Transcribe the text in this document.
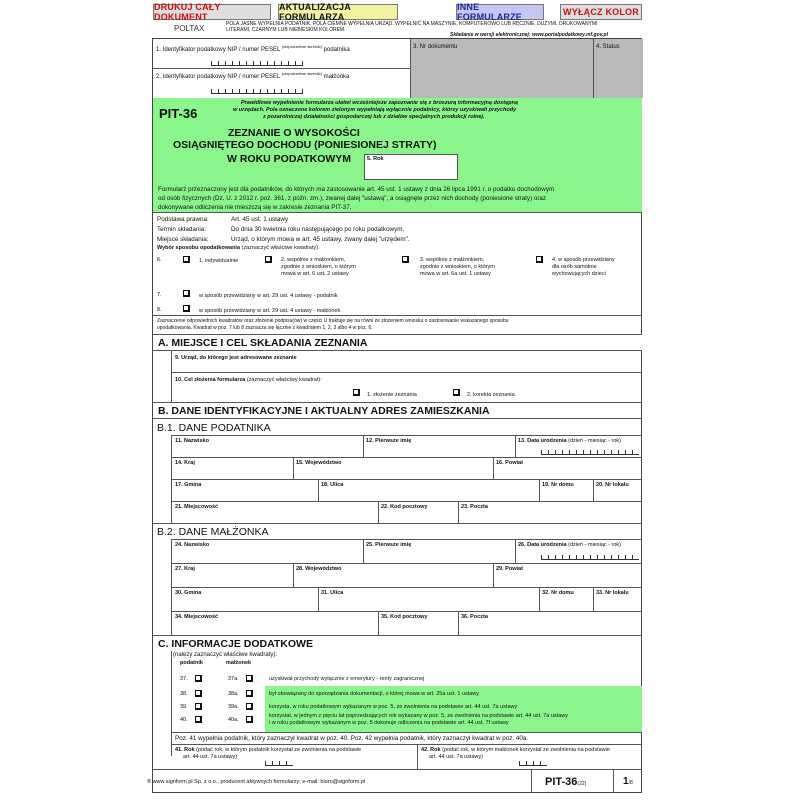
DRUKUJ CAŁY DOKUMENT
AKTUALIZACJA FORMULARZA
INNE FORMULARZE	WYŁĄCZ KOLOR
POLTAX	POLA JASNE WYPEŁNIA PODATNIK. POLA CIEMNE WYPEŁNIA URZĄD. WYPEŁNIĆ NA MASZYNIE, KOMPUTEROWO LUB RĘCZNIE, DUŻYMI, DRUKOWANYMI
LITERAMI, CZARNYM LUB NIEBIESKIM KOLOREM.
Składanie w wersji elektronicznej: www.portalpodatkowy.mf.gov.pl
1. Identyfikator podatkowy NIP / numer PESEL $^{(niepotrzebne skreślić)}$ podatnika
2. Identyfikator podatkowy NIP / numer PESEL $^{(niepotrzebne skreślić)}$ małżonka
3. Nr dokumentu	4. Status
PIT-36
Prawidłowe wypełnienie formularza ułatwi wcześniejsze zapoznanie się z broszurą informacyjną dostępną
w urzędach. Pola oznaczone kolorem zielonym wypełniają wyłącznie podatnicy, którzy uzyskiwali przychody
z pozarolniczej działalności gospodarczej lub z działów specjalnych produkcji rolnej.
ZEZNANIE O WYSOKOŚCI
OSIĄGNIĘTEGO DOCHODU (PONIESIONEJ STRATY)
W ROKU PODATKOWYM	5. Rok
Formularz przeznaczony jest dla podatników, do których ma zastosowanie art. 45 ust. 1 ustawy z dnia 26 lipca 1991 r. o podatku dochodowym
od osób fizycznych (Dz. U. z 2012 r. poz. 361, z późn. zm.), zwanej dalej "ustawą", a osiągnęte przez nich dochody (poniesione straty) oraz
dokonywane odliczenia nie mieszczą się w zakresie zeznania PIT-37.
Podstawa prawna:	Art. 45 ust. 1 ustawy
Termin składania:	Do dnia 30 kwietnia roku następującego po roku podatkowym.
Miejsce składania:	Urząd, o którym mowa w art. 45 ustawy, zwany dalej "urzędem".
Wybór sposobu opodatkowania (zaznaczyć właściwe kwadraty):
6.	1. indywidualnie	2. wspólnie z małżonkiem,
zgodnie z wnioskiem, o którym
mowa w art. 6 ust. 2 ustawy
3. wspólnie z małżonkiem,
zgodnie z wnioskiem, o którym
mowa w art. 6a ust. 1 ustawy
4. w sposób przewidziany
dla osób samotnie
wychowujących dzieci
7.	w sposób przewidziany w art. 29 ust. 4 ustawy - podatnik
8.	w sposób przewidziany w art. 29 ust. 4 ustawy - małżonek
Zaznaczenie odpowiednich kwadratów oraz złożenie podpisu(ów) w części U traktuje się na równi ze złożeniem wniosku o zastosowanie wskazanego sposobu
opodatkowania. Kwadrat w poz. 7 lub 8 zaznacza się łącznie z kwadratem 1, 2, 3 albo 4 w poz. 6.
A. MIEJSCE I CEL SKŁADANIA ZEZNANIA
9. Urząd, do którego jest adresowane zeznanie
10. Cel złożenia formularza (zaznaczyć właściwy kwadrat):
1. złożenie zeznania	2. korekta zeznania
B. DANE IDENTYFIKACYJNE I AKTUALNY ADRES ZAMIESZKANIA
B.1. DANE PODATNIKA
11. Nazwisko	12. Pierwsze imię	13. Data urodzenia (dzień - miesiąc - rok)
14. Kraj	15. Województwo	16. Powiat
17. Gmina	18. Ulica	19. Nr domu	20. Nr lokalu
21. Miejscowość	22. Kod pocztowy	23. Poczta
B.2. DANE MAŁŻONKA
24. Nazwisko	25. Pierwsze imię	26. Data urodzenia (dzień - miesiąc - rok)
27. Kraj	28. Województwo	29. Powiat
30. Gmina	31. Ulica	32. Nr domu	33. Nr lokalu
34. Miejscowość	35. Kod pocztowy	36. Poczta
C. INFORMACJE DODATKOWE
(należy zaznaczyć właściwe kwadraty):
podatnik	małżonek
37.	37a.	uzyskiwał przychody wyłącznie z emerytury - renty zagranicznej
38.	38a.	był obowiązany do sporządzania dokumentacji, o której mowa w art. 25a ust. 1 ustawy
39.	39a.	korzysta, w roku podatkowym wykazanym w poz. 5, ze zwolnienia na podstawie art. 44 ust. 7a ustawy
40.	40a.
korzystał, w jednym z pięciu lat poprzedzających rok wykazany w poz. 5, ze zwolnienia na podstawie art. 44 ust. 7a ustawy
i w roku podatkowym wykazanym w poz. 5 dokonuje odliczenia na podstawie art. 44 ust. 7f ustawy
Poz. 41 wypełnia podatnik, który zaznaczył kwadrat w poz. 40. Poz. 42 wypełnia podatnik, który zaznaczył kwadrat w poz. 40a.
41. Rok (podać rok, w którym podatnik korzystał ze zwolnienia na podstawie
art. 44 ust. 7a ustawy)
42. Rok (podać rok, w którym małżonek korzystał ze zwolnienia na podstawie
art. 44 ust. 7a ustawy)
® www.signform.pl Sp. z o.o., producent aktywnych formularzy; e-mail: biuro@signform.pl	PIT-36(22)	1/8
